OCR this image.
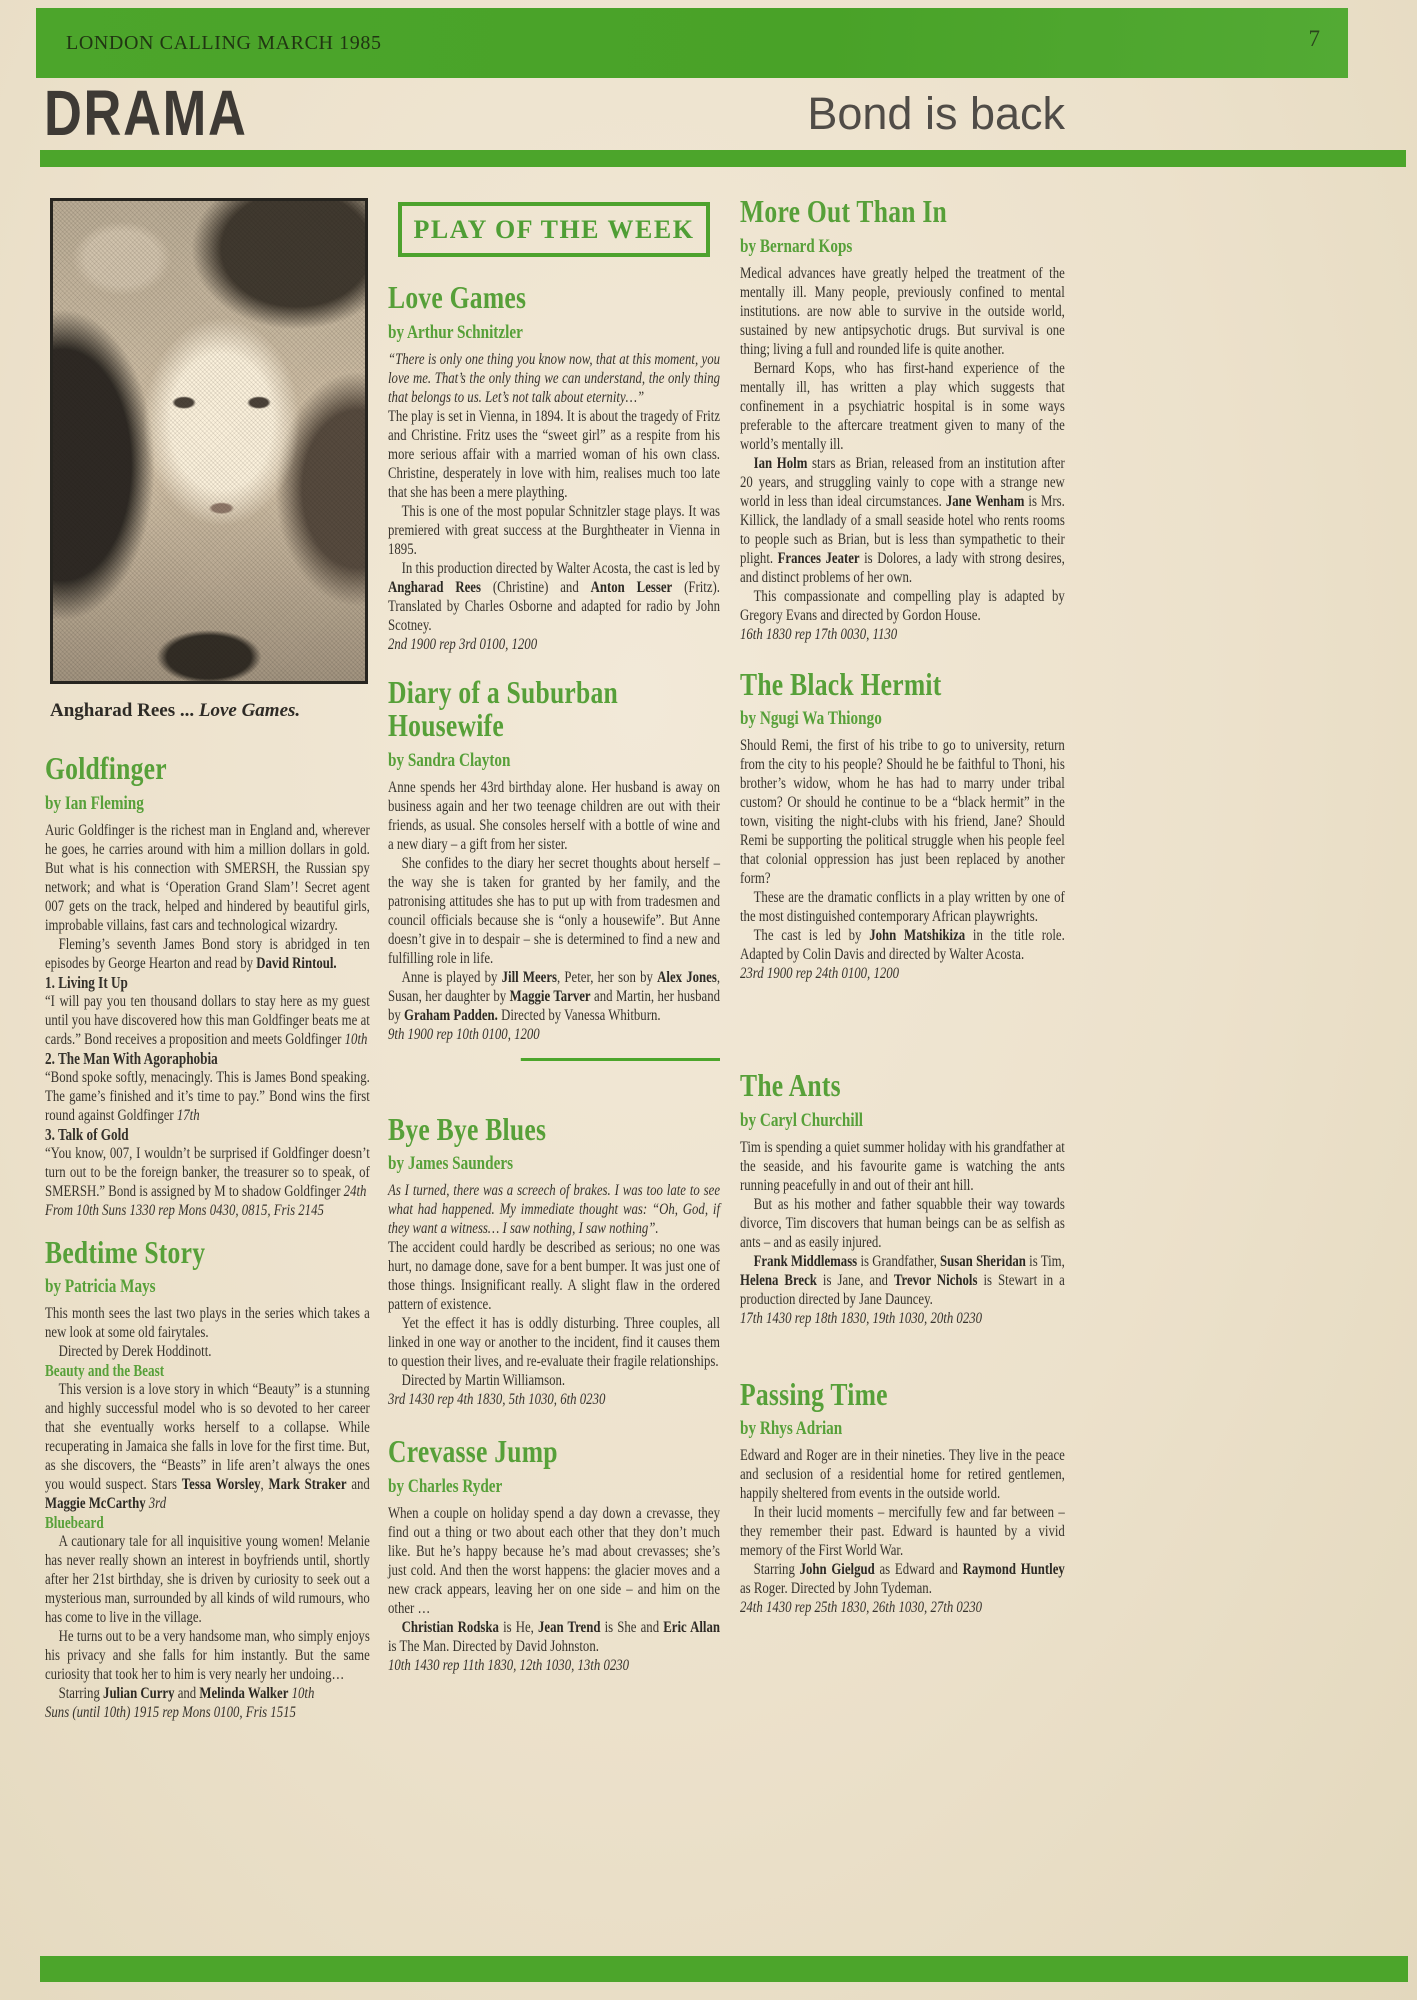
LONDON CALLING MARCH 1985	7
DRAMA	Bond is back
Angharad Rees ... Love Games.
PLAY OF THE WEEK
Goldfinger
by Ian Fleming

Auric Goldfinger is the richest man in England and, wherever he goes, he carries around with him a million dollars in gold. But what is his connection with SMERSH, the Russian spy network; and what is ‘Operation Grand Slam’! Secret agent 007 gets on the track, helped and hindered by beautiful girls, improbable villains, fast cars and technological wizardry.

Fleming’s seventh James Bond story is abridged in ten episodes by George Hearton and read by David Rintoul.

1. Living It Up

“I will pay you ten thousand dollars to stay here as my guest until you have discovered how this man Goldfinger beats me at cards.” Bond receives a proposition and meets Goldfinger 10th

2. The Man With Agoraphobia

“Bond spoke softly, menacingly. This is James Bond speaking. The game’s finished and it’s time to pay.” Bond wins the first round against Goldfinger 17th

3. Talk of Gold

“You know, 007, I wouldn’t be surprised if Goldfinger doesn’t turn out to be the foreign banker, the treasurer so to speak, of SMERSH.” Bond is assigned by M to shadow Goldfinger 24th

From 10th Suns 1330 rep Mons 0430, 0815, Fris 2145

Bedtime Story
by Patricia Mays

This month sees the last two plays in the series which takes a new look at some old fairytales.

Directed by Derek Hoddinott.

Beauty and the Beast

This version is a love story in which “Beauty” is a stunning and highly successful model who is so devoted to her career that she eventually works herself to a collapse. While recuperating in Jamaica she falls in love for the first time. But, as she discovers, the “Beasts” in life aren’t always the ones you would suspect. Stars Tessa Worsley, Mark Straker and Maggie McCarthy 3rd

Bluebeard

A cautionary tale for all inquisitive young women! Melanie has never really shown an interest in boyfriends until, shortly after her 21st birthday, she is driven by curiosity to seek out a mysterious man, surrounded by all kinds of wild rumours, who has come to live in the village.

He turns out to be a very handsome man, who simply enjoys his privacy and she falls for him instantly. But the same curiosity that took her to him is very nearly her undoing…

Starring Julian Curry and Melinda Walker 10th

Suns (until 10th) 1915 rep Mons 0100, Fris 1515

Love Games
by Arthur Schnitzler

“There is only one thing you know now, that at this moment, you love me. That’s the only thing we can understand, the only thing that belongs to us. Let’s not talk about eternity…”

The play is set in Vienna, in 1894. It is about the tragedy of Fritz and Christine. Fritz uses the “sweet girl” as a respite from his more serious affair with a married woman of his own class. Christine, desperately in love with him, realises much too late that she has been a mere plaything.

This is one of the most popular Schnitzler stage plays. It was premiered with great success at the Burghtheater in Vienna in 1895.

In this production directed by Walter Acosta, the cast is led by Angharad Rees (Christine) and Anton Lesser (Fritz). Translated by Charles Osborne and adapted for radio by John Scotney.

2nd 1900 rep 3rd 0100, 1200

Diary of a Suburban Housewife
by Sandra Clayton

Anne spends her 43rd birthday alone. Her husband is away on business again and her two teenage children are out with their friends, as usual. She consoles herself with a bottle of wine and a new diary – a gift from her sister.

She confides to the diary her secret thoughts about herself – the way she is taken for granted by her family, and the patronising attitudes she has to put up with from tradesmen and council officials because she is “only a housewife”. But Anne doesn’t give in to despair – she is determined to find a new and fulfilling role in life.

Anne is played by Jill Meers, Peter, her son by Alex Jones, Susan, her daughter by Maggie Tarver and Martin, her husband by Graham Padden. Directed by Vanessa Whitburn.

9th 1900 rep 10th 0100, 1200

Bye Bye Blues
by James Saunders

As I turned, there was a screech of brakes. I was too late to see what had happened. My immediate thought was: “Oh, God, if they want a witness… I saw nothing, I saw nothing”.

The accident could hardly be described as serious; no one was hurt, no damage done, save for a bent bumper. It was just one of those things. Insignificant really. A slight flaw in the ordered pattern of existence.

Yet the effect it has is oddly disturbing. Three couples, all linked in one way or another to the incident, find it causes them to question their lives, and re-evaluate their fragile relationships.

Directed by Martin Williamson.

3rd 1430 rep 4th 1830, 5th 1030, 6th 0230

Crevasse Jump
by Charles Ryder

When a couple on holiday spend a day down a crevasse, they find out a thing or two about each other that they don’t much like. But he’s happy because he’s mad about crevasses; she’s just cold. And then the worst happens: the glacier moves and a new crack appears, leaving her on one side – and him on the other …

Christian Rodska is He, Jean Trend is She and Eric Allan is The Man. Directed by David Johnston.

10th 1430 rep 11th 1830, 12th 1030, 13th 0230

More Out Than In
by Bernard Kops

Medical advances have greatly helped the treatment of the mentally ill. Many people, previously confined to mental institutions. are now able to survive in the outside world, sustained by new antipsychotic drugs. But survival is one thing; living a full and rounded life is quite another.

Bernard Kops, who has first-hand experience of the mentally ill, has written a play which suggests that confinement in a psychiatric hospital is in some ways preferable to the aftercare treatment given to many of the world’s mentally ill.

Ian Holm stars as Brian, released from an institution after 20 years, and struggling vainly to cope with a strange new world in less than ideal circumstances. Jane Wenham is Mrs. Killick, the landlady of a small seaside hotel who rents rooms to people such as Brian, but is less than sympathetic to their plight. Frances Jeater is Dolores, a lady with strong desires, and distinct problems of her own.

This compassionate and compelling play is adapted by Gregory Evans and directed by Gordon House.

16th 1830 rep 17th 0030, 1130

The Black Hermit
by Ngugi Wa Thiongo

Should Remi, the first of his tribe to go to university, return from the city to his people? Should he be faithful to Thoni, his brother’s widow, whom he has had to marry under tribal custom? Or should he continue to be a “black hermit” in the town, visiting the night-clubs with his friend, Jane? Should Remi be supporting the political struggle when his people feel that colonial oppression has just been replaced by another form?

These are the dramatic conflicts in a play written by one of the most distinguished contemporary African playwrights.

The cast is led by John Matshikiza in the title role. Adapted by Colin Davis and directed by Walter Acosta.

23rd 1900 rep 24th 0100, 1200

The Ants
by Caryl Churchill

Tim is spending a quiet summer holiday with his grandfather at the seaside, and his favourite game is watching the ants running peacefully in and out of their ant hill.

But as his mother and father squabble their way towards divorce, Tim discovers that human beings can be as selfish as ants – and as easily injured.

Frank Middlemass is Grandfather, Susan Sheridan is Tim, Helena Breck is Jane, and Trevor Nichols is Stewart in a production directed by Jane Dauncey.

17th 1430 rep 18th 1830, 19th 1030, 20th 0230

Passing Time
by Rhys Adrian

Edward and Roger are in their nineties. They live in the peace and seclusion of a residential home for retired gentlemen, happily sheltered from events in the outside world.

In their lucid moments – mercifully few and far between – they remember their past. Edward is haunted by a vivid memory of the First World War.

Starring John Gielgud as Edward and Raymond Huntley as Roger. Directed by John Tydeman.

24th 1430 rep 25th 1830, 26th 1030, 27th 0230
